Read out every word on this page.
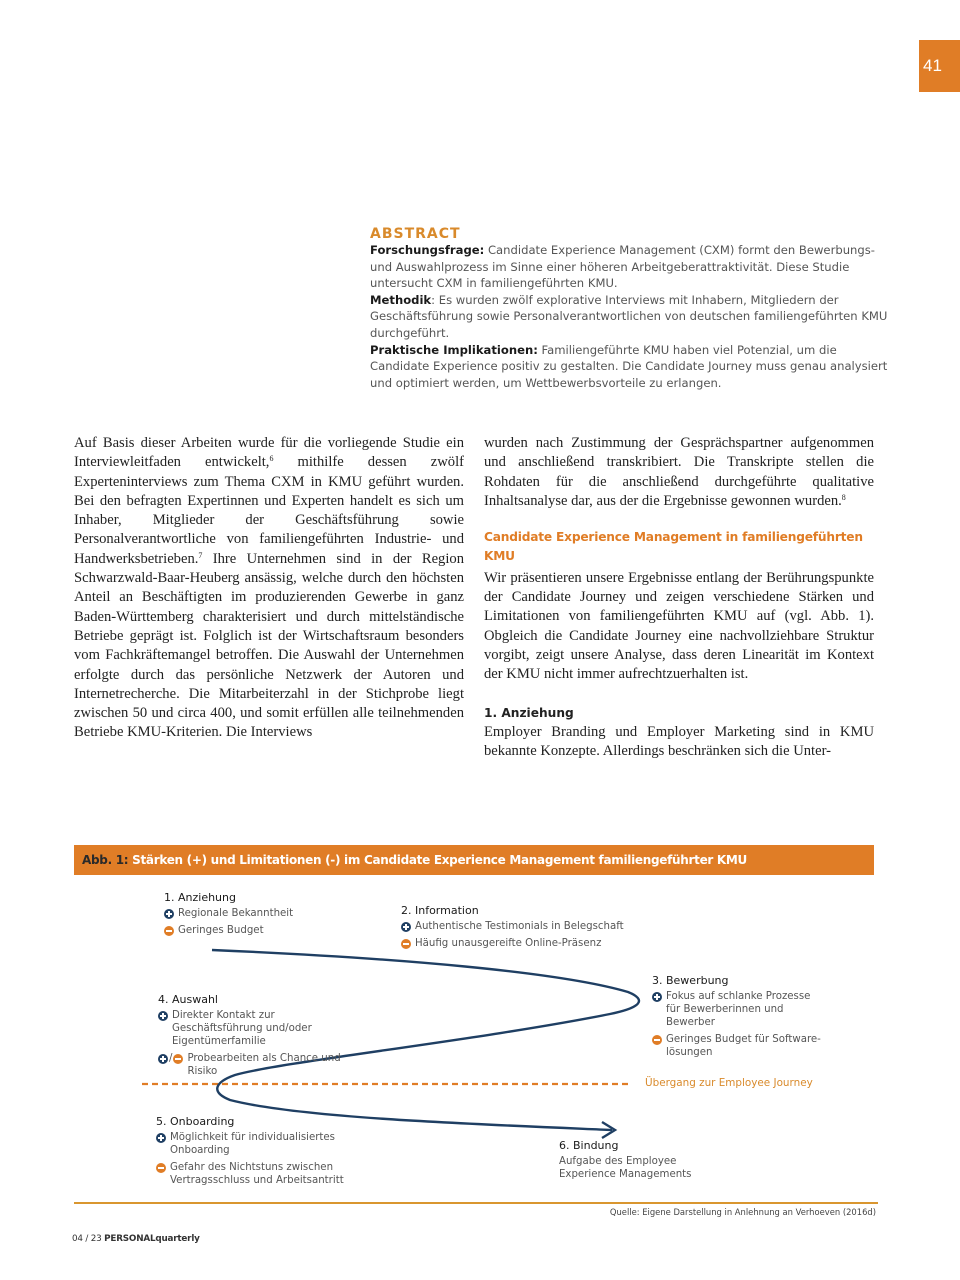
41
ABSTRACT
Forschungsfrage: Candidate Experience Management (CXM) formt den Bewerbungs- und Auswahlprozess im Sinne einer höheren Arbeitgeberattraktivität. Diese Studie untersucht CXM in familiengeführten KMU.
Methodik: Es wurden zwölf explorative Interviews mit Inhabern, Mitgliedern der Geschäftsführung sowie Personalverantwortlichen von deutschen familiengeführten KMU durchgeführt.
Praktische Implikationen: Familiengeführte KMU haben viel Potenzial, um die Candidate Experience positiv zu gestalten. Die Candidate Journey muss genau analysiert und optimiert werden, um Wettbewerbsvorteile zu erlangen.

Auf Basis dieser Arbeiten wurde für die vorliegende Studie ein Interviewleitfaden entwickelt,$^6$ mithilfe dessen zwölf Experteninterviews zum Thema CXM in KMU geführt wurden. Bei den befragten Expertinnen und Experten handelt es sich um Inhaber, Mitglieder der Geschäftsführung sowie Personalverantwortliche von familiengeführten Industrie- und Handwerksbetrieben.$^7$ Ihre Unternehmen sind in der Region Schwarzwald-Baar-Heuberg ansässig, welche durch den höchsten Anteil an Beschäftigten im produzierenden Gewerbe in ganz Baden-Württemberg charakterisiert und durch mittelständische Betriebe geprägt ist. Folglich ist der Wirtschaftsraum besonders vom Fachkräftemangel betroffen. Die Auswahl der Unternehmen erfolgte durch das persönliche Netzwerk der Autoren und Internetrecherche. Die Mitarbeiterzahl in der Stichprobe liegt zwischen 50 und circa 400, und somit erfüllen alle teilnehmenden Betriebe KMU-Kriterien. Die Interviews

wurden nach Zustimmung der Gesprächspartner aufgenommen und anschließend transkribiert. Die Transkripte stellen die Rohdaten für die anschließend durchgeführte qualitative Inhaltsanalyse dar, aus der die Ergebnisse gewonnen wurden.$^8$

Candidate Experience Management in familiengeführten KMU

Wir präsentieren unsere Ergebnisse entlang der Berührungspunkte der Candidate Journey und zeigen verschiedene Stärken und Limitationen von familiengeführten KMU auf (vgl. Abb. 1). Obgleich die Candidate Journey eine nachvollziehbare Struktur vorgibt, zeigt unsere Analyse, dass deren Linearität im Kontext der KMU nicht immer aufrechtzuerhalten ist.

1. Anziehung

Employer Branding und Employer Marketing sind in KMU bekannte Konzepte. Allerdings beschränken sich die Unter-

Abb. 1: Stärken (+) und Limitationen (-) im Candidate Experience Management familiengeführter KMU
1. Anziehung
Regionale Bekanntheit
Geringes Budget
2. Information
Authentische Testimonials in Belegschaft
Häufig unausgereifte Online-Präsenz
3. Bewerbung
Fokus auf schlanke Prozesse für Bewerberinnen und Bewerber
Geringes Budget für Software-lösungen
4. Auswahl
Direkter Kontakt zur Geschäftsführung und/oder Eigentümerfamilie
/ Probearbeiten als Chance und Risiko
Übergang zur Employee Journey
5. Onboarding
Möglichkeit für individualisiertes Onboarding
Gefahr des Nichtstuns zwischen Vertragsschluss und Arbeitsantritt
6. Bindung
Aufgabe des Employee Experience Managements
Quelle: Eigene Darstellung in Anlehnung an Verhoeven (2016d)
04 / 23 PERSONALquarterly
